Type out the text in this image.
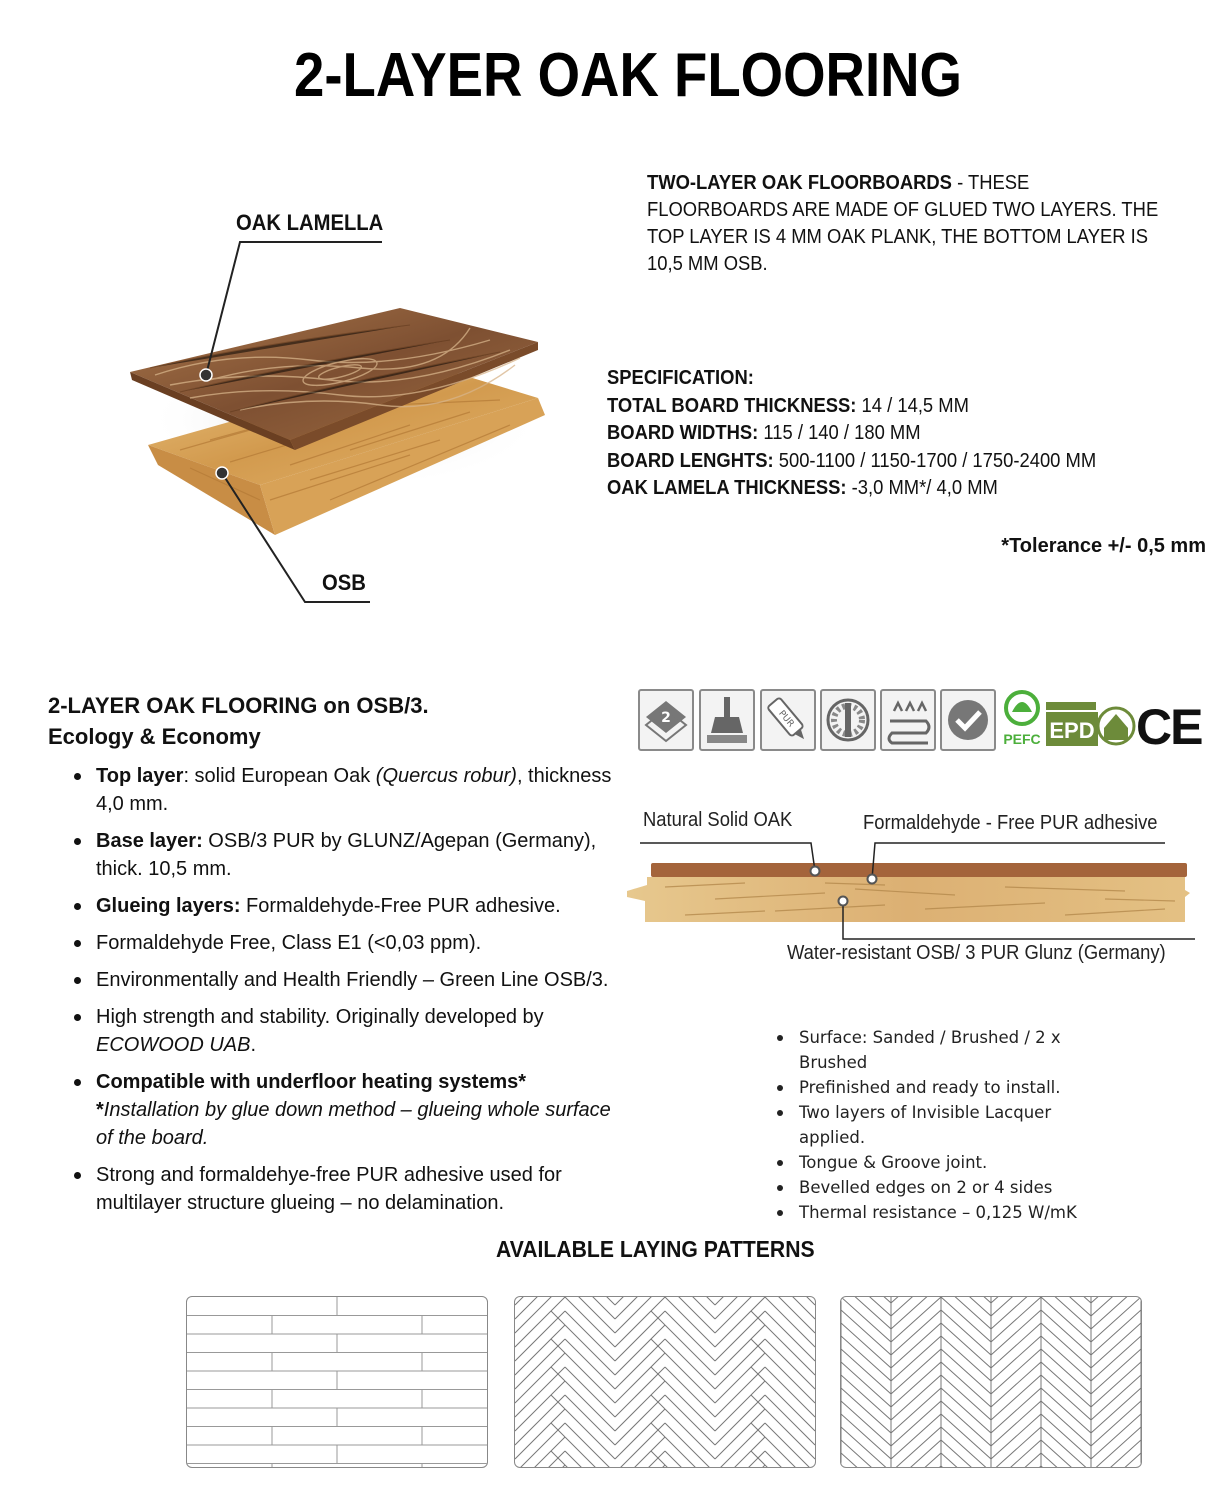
2-LAYER OAK FLOORING
OAK LAMELLA
OSB
TWO-LAYER OAK FLOORBOARDS - THESE FLOORBOARDS ARE MADE OF GLUED TWO LAYERS. THE TOP LAYER IS 4 MM OAK PLANK, THE BOTTOM LAYER IS 10,5 MM OSB.
SPECIFICATION:
TOTAL BOARD THICKNESS: 14 / 14,5 MM
BOARD WIDTHS: 115 / 140 / 180 MM
BOARD LENGHTS: 500-1100 / 1150-1700 / 1750-2400 MM
OAK LAMELA THICKNESS: -3,0 MM*/ 4,0 MM
*Tolerance +/- 0,5 mm
2-LAYER OAK FLOORING on OSB/3.
Ecology & Economy
Top layer: solid European Oak (Quercus robur), thickness 4,0 mm.
Base layer: OSB/3 PUR by GLUNZ/Agepan (Germany), thick. 10,5 mm.
Glueing layers: Formaldehyde-Free PUR adhesive.
Formaldehyde Free, Class E1 (<0,03 ppm).
Environmentally and Health Friendly – Green Line OSB/3.
High strength and stability. Originally developed by ECOWOOD UAB.
Compatible with underfloor heating systems*
*Installation by glue down method – glueing whole surface of the board.
Strong and formaldehye-free PUR adhesive used for multilayer structure glueing – no delamination.
2	PUR
PEFC EPD CE
Natural Solid OAK	Formaldehyde - Free PUR adhesive
Water-resistant OSB/ 3 PUR Glunz (Germany)
Surface: Sanded / Brushed / 2 x Brushed
Prefinished and ready to install.
Two layers of Invisible Lacquer applied.
Tongue & Groove joint.
Bevelled edges on 2 or 4 sides
Thermal resistance – 0,125 W/mK
AVAILABLE LAYING PATTERNS
